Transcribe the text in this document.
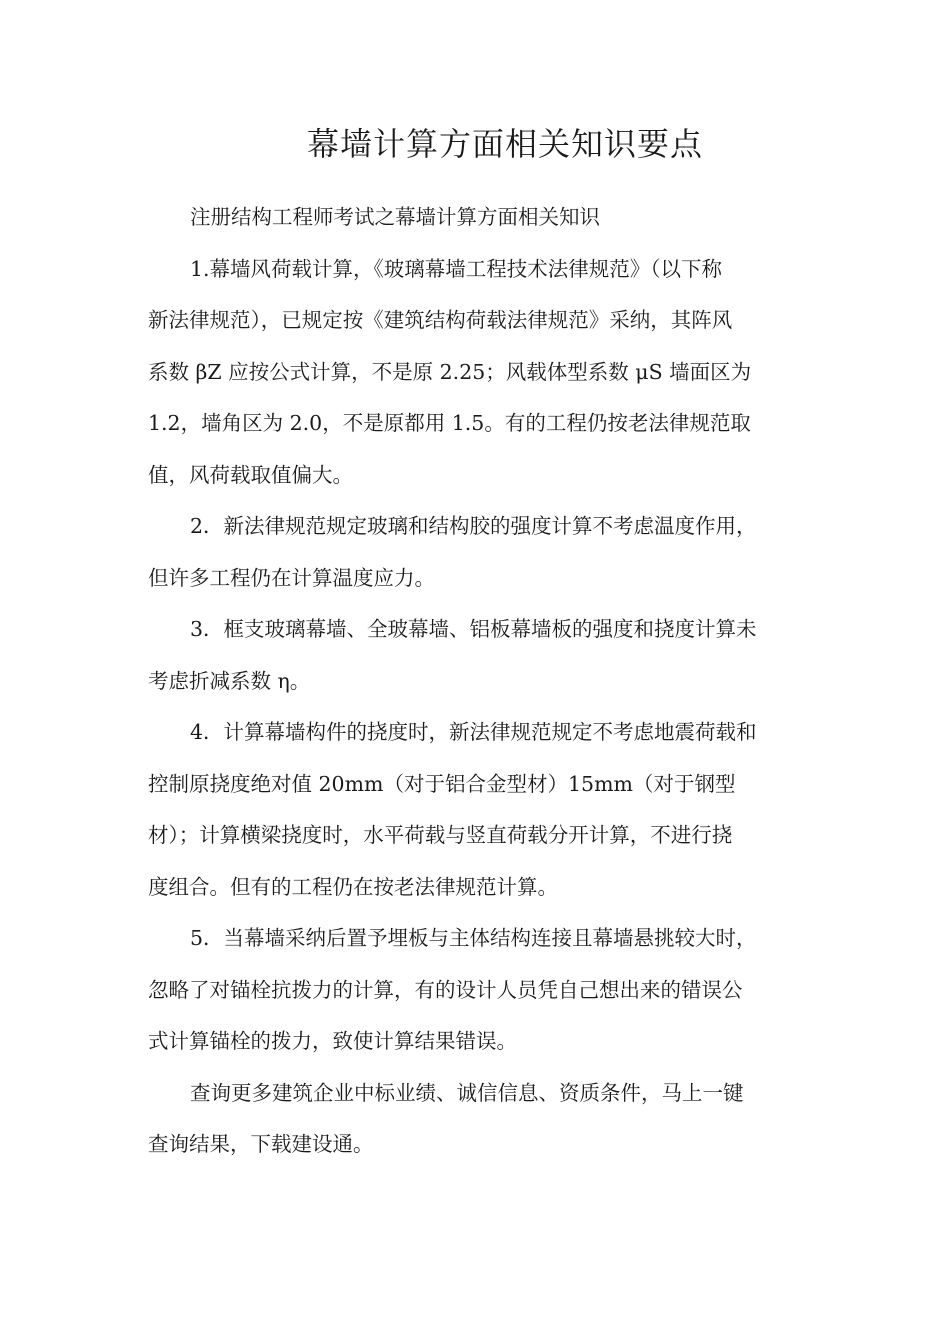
幕墙计算方面相关知识要点

注册结构工程师考试之幕墙计算方面相关知识

1.幕墙风荷载计算，《玻璃幕墙工程技术法律规范》（以下称
新法律规范），已规定按《建筑结构荷载法律规范》采纳，其阵风
系数 βZ 应按公式计算，不是原 2.25；风载体型系数 μS 墙面区为
1.2，墙角区为 2.0，不是原都用 1.5。有的工程仍按老法律规范取
值，风荷载取值偏大。

2．新法律规范规定玻璃和结构胶的强度计算不考虑温度作用，
但许多工程仍在计算温度应力。

3．框支玻璃幕墙、全玻幕墙、铝板幕墙板的强度和挠度计算未
考虑折减系数 η。

4．计算幕墙构件的挠度时，新法律规范规定不考虑地震荷载和
控制原挠度绝对值 20mm（对于铝合金型材）15mm（对于钢型
材）；计算横梁挠度时，水平荷载与竖直荷载分开计算，不进行挠
度组合。但有的工程仍在按老法律规范计算。

5．当幕墙采纳后置予埋板与主体结构连接且幕墙悬挑较大时，
忽略了对锚栓抗拨力的计算，有的设计人员凭自己想出来的错误公
式计算锚栓的拨力，致使计算结果错误。

查询更多建筑企业中标业绩、诚信信息、资质条件，马上一键
查询结果，下载建设通。
